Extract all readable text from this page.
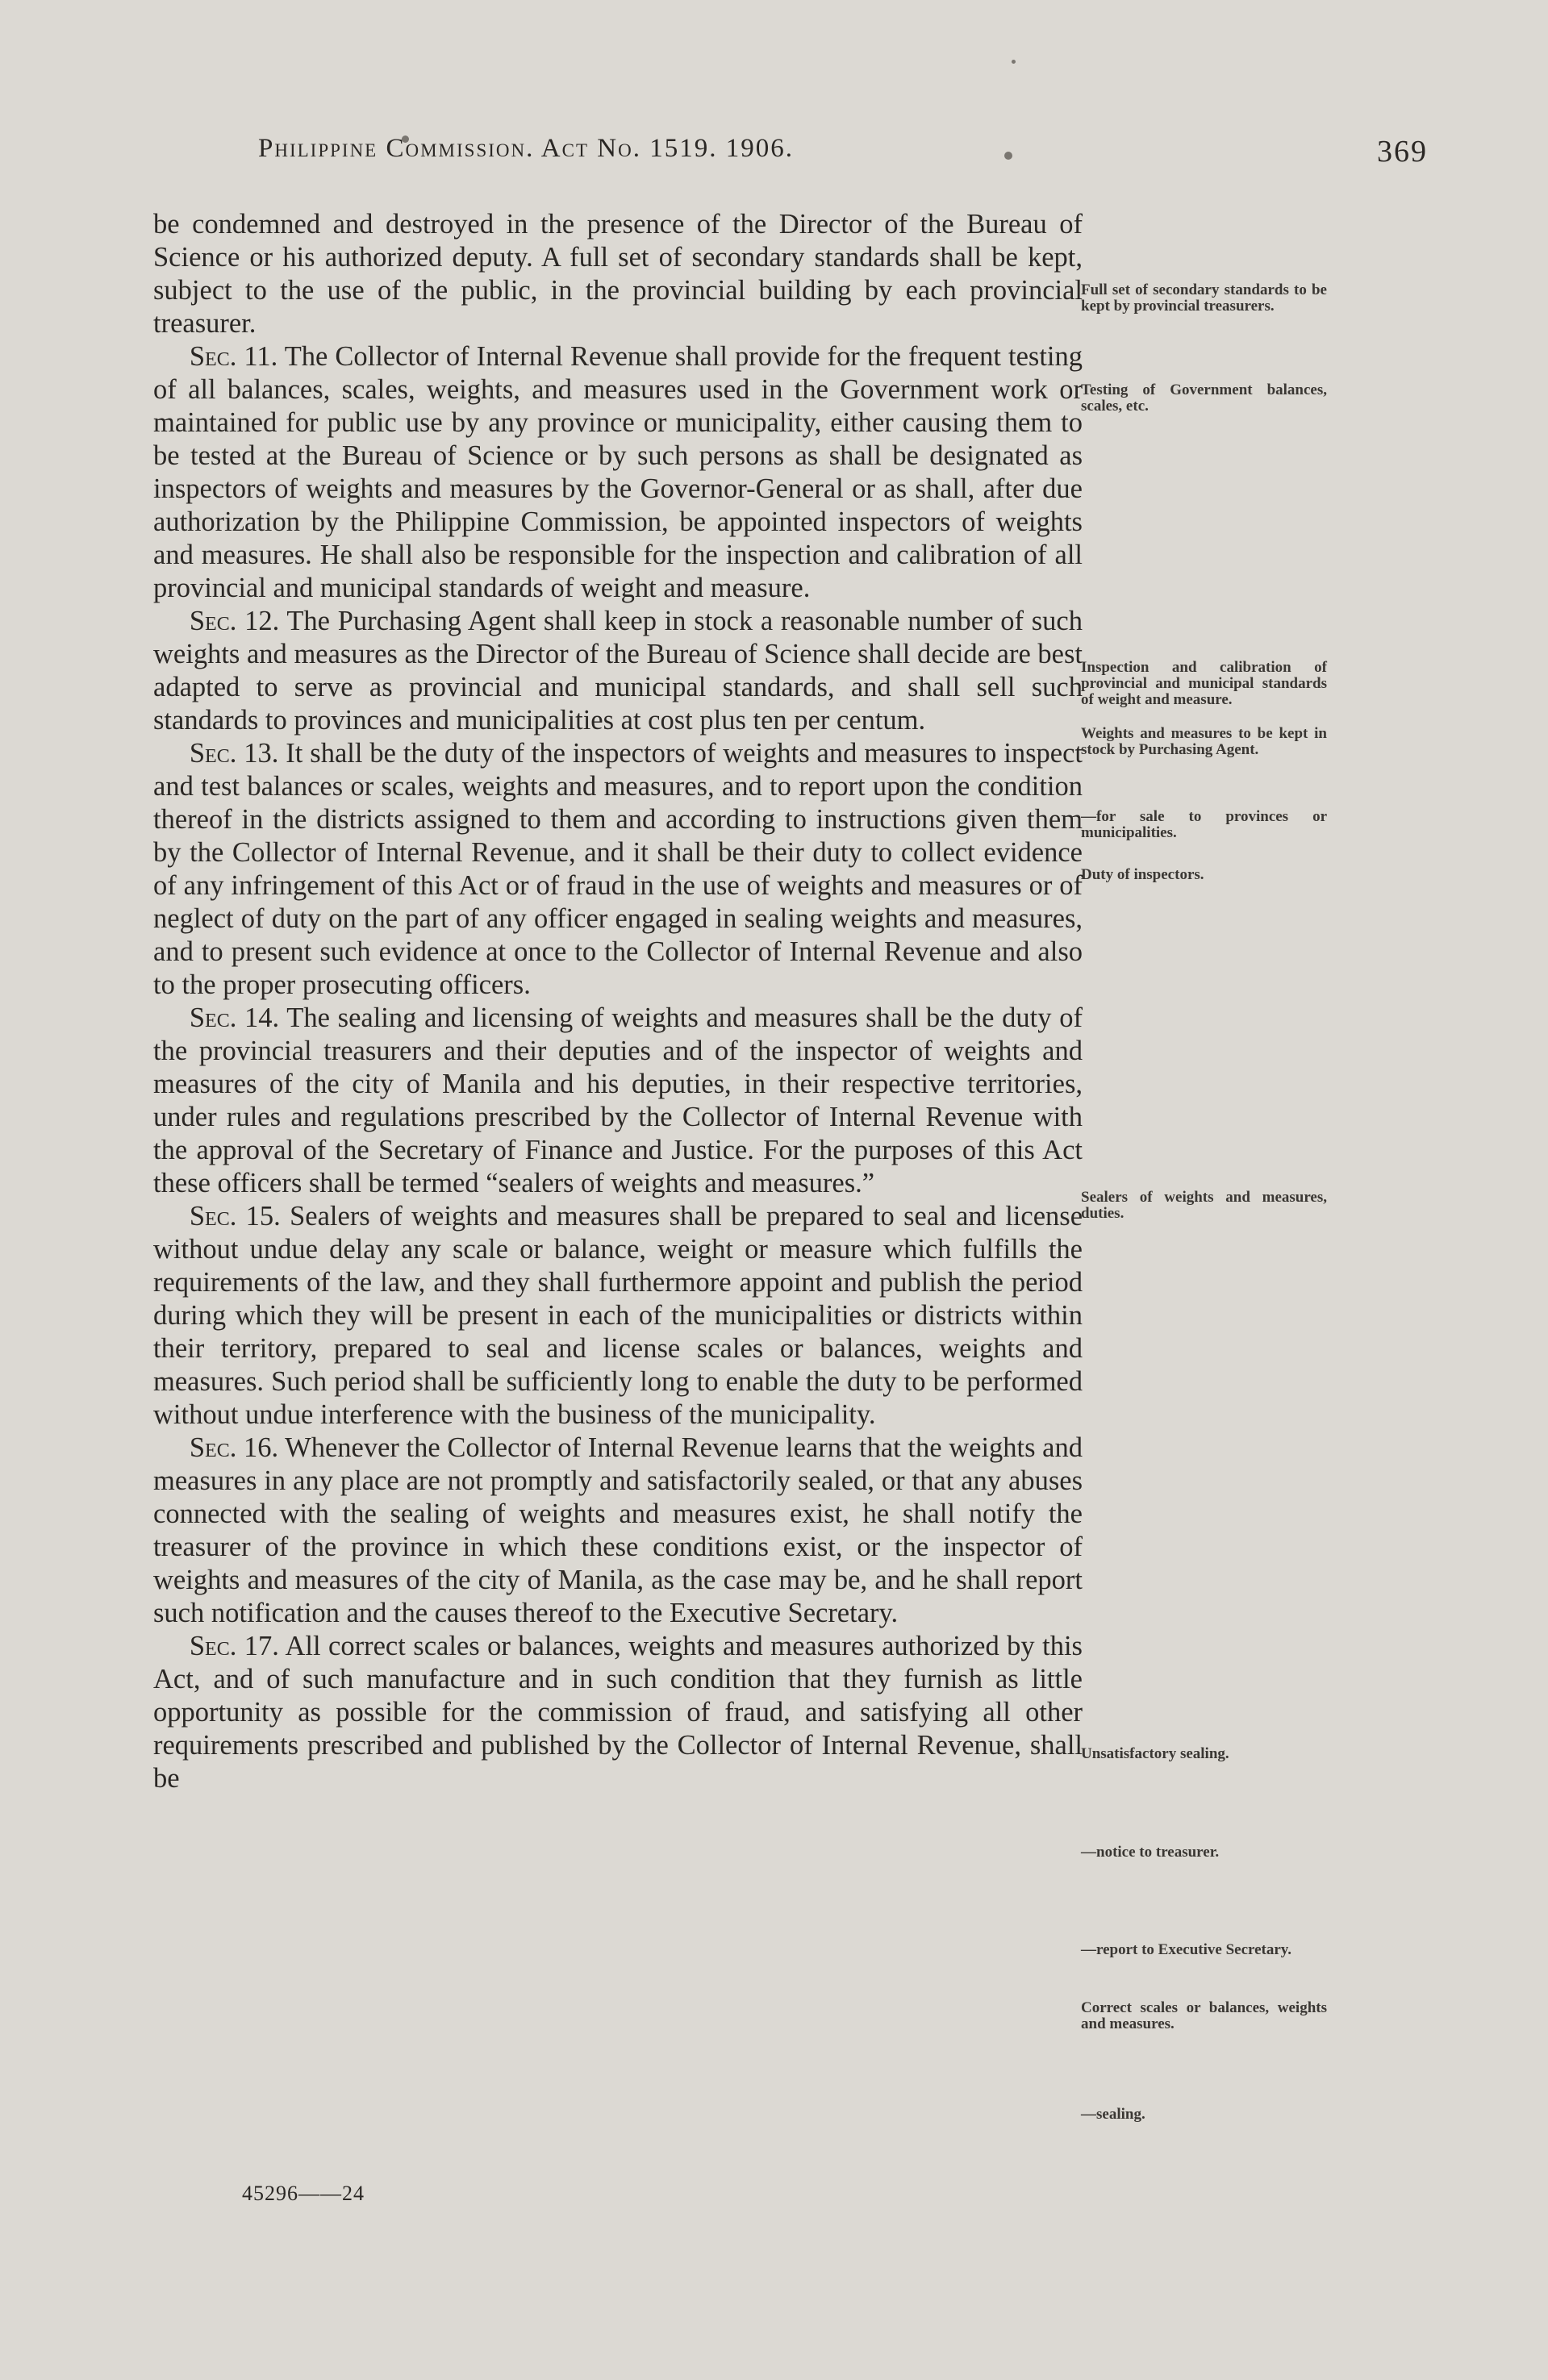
Philippine Commission. Act No. 1519. 1906.	369

be condemned and destroyed in the presence of the Director of the Bureau of Science or his authorized deputy. A full set of secondary standards shall be kept, subject to the use of the public, in the provincial building by each provincial treasurer.

Sec. 11. The Collector of Internal Revenue shall provide for the frequent testing of all balances, scales, weights, and measures used in the Government work or maintained for public use by any province or municipality, either causing them to be tested at the Bureau of Science or by such persons as shall be designated as inspectors of weights and measures by the Governor-General or as shall, after due authorization by the Philippine Commission, be appointed inspectors of weights and measures. He shall also be responsible for the inspection and calibration of all provincial and municipal standards of weight and measure.

Sec. 12. The Purchasing Agent shall keep in stock a reasonable number of such weights and measures as the Director of the Bureau of Science shall decide are best adapted to serve as provincial and municipal standards, and shall sell such standards to provinces and municipalities at cost plus ten per centum.

Sec. 13. It shall be the duty of the inspectors of weights and measures to inspect and test balances or scales, weights and measures, and to report upon the condition thereof in the districts assigned to them and according to instructions given them by the Collector of Internal Revenue, and it shall be their duty to collect evidence of any infringement of this Act or of fraud in the use of weights and measures or of neglect of duty on the part of any officer engaged in sealing weights and measures, and to present such evidence at once to the Collector of Internal Revenue and also to the proper prosecuting officers.

Sec. 14. The sealing and licensing of weights and measures shall be the duty of the provincial treasurers and their deputies and of the inspector of weights and measures of the city of Manila and his deputies, in their respective territories, under rules and regulations prescribed by the Collector of Internal Revenue with the approval of the Secretary of Finance and Justice. For the purposes of this Act these officers shall be termed “sealers of weights and measures.”

Sec. 15. Sealers of weights and measures shall be prepared to seal and license without undue delay any scale or balance, weight or measure which fulfills the requirements of the law, and they shall furthermore appoint and publish the period during which they will be present in each of the municipalities or districts within their territory, prepared to seal and license scales or balances, weights and measures. Such period shall be sufficiently long to enable the duty to be performed without undue interference with the business of the municipality.

Sec. 16. Whenever the Collector of Internal Revenue learns that the weights and measures in any place are not promptly and satisfactorily sealed, or that any abuses connected with the sealing of weights and measures exist, he shall notify the treasurer of the province in which these conditions exist, or the inspector of weights and measures of the city of Manila, as the case may be, and he shall report such notification and the causes thereof to the Executive Secretary.

Sec. 17. All correct scales or balances, weights and measures authorized by this Act, and of such manufacture and in such condition that they furnish as little opportunity as possible for the commission of fraud, and satisfying all other requirements prescribed and published by the Collector of Internal Revenue, shall be

Full set of secondary standards to be kept by provincial treasurers.
Testing of Government balances, scales, etc.
Inspection and calibration of provincial and municipal standards of weight and measure.
Weights and measures to be kept in stock by Purchasing Agent.
—for sale to provinces or municipalities.
Duty of inspectors.
Sealers of weights and measures, duties.
Unsatisfactory sealing.
—notice to treasurer.
—report to Executive Secretary.
Correct scales or balances, weights and measures.
—sealing.
45296——24
